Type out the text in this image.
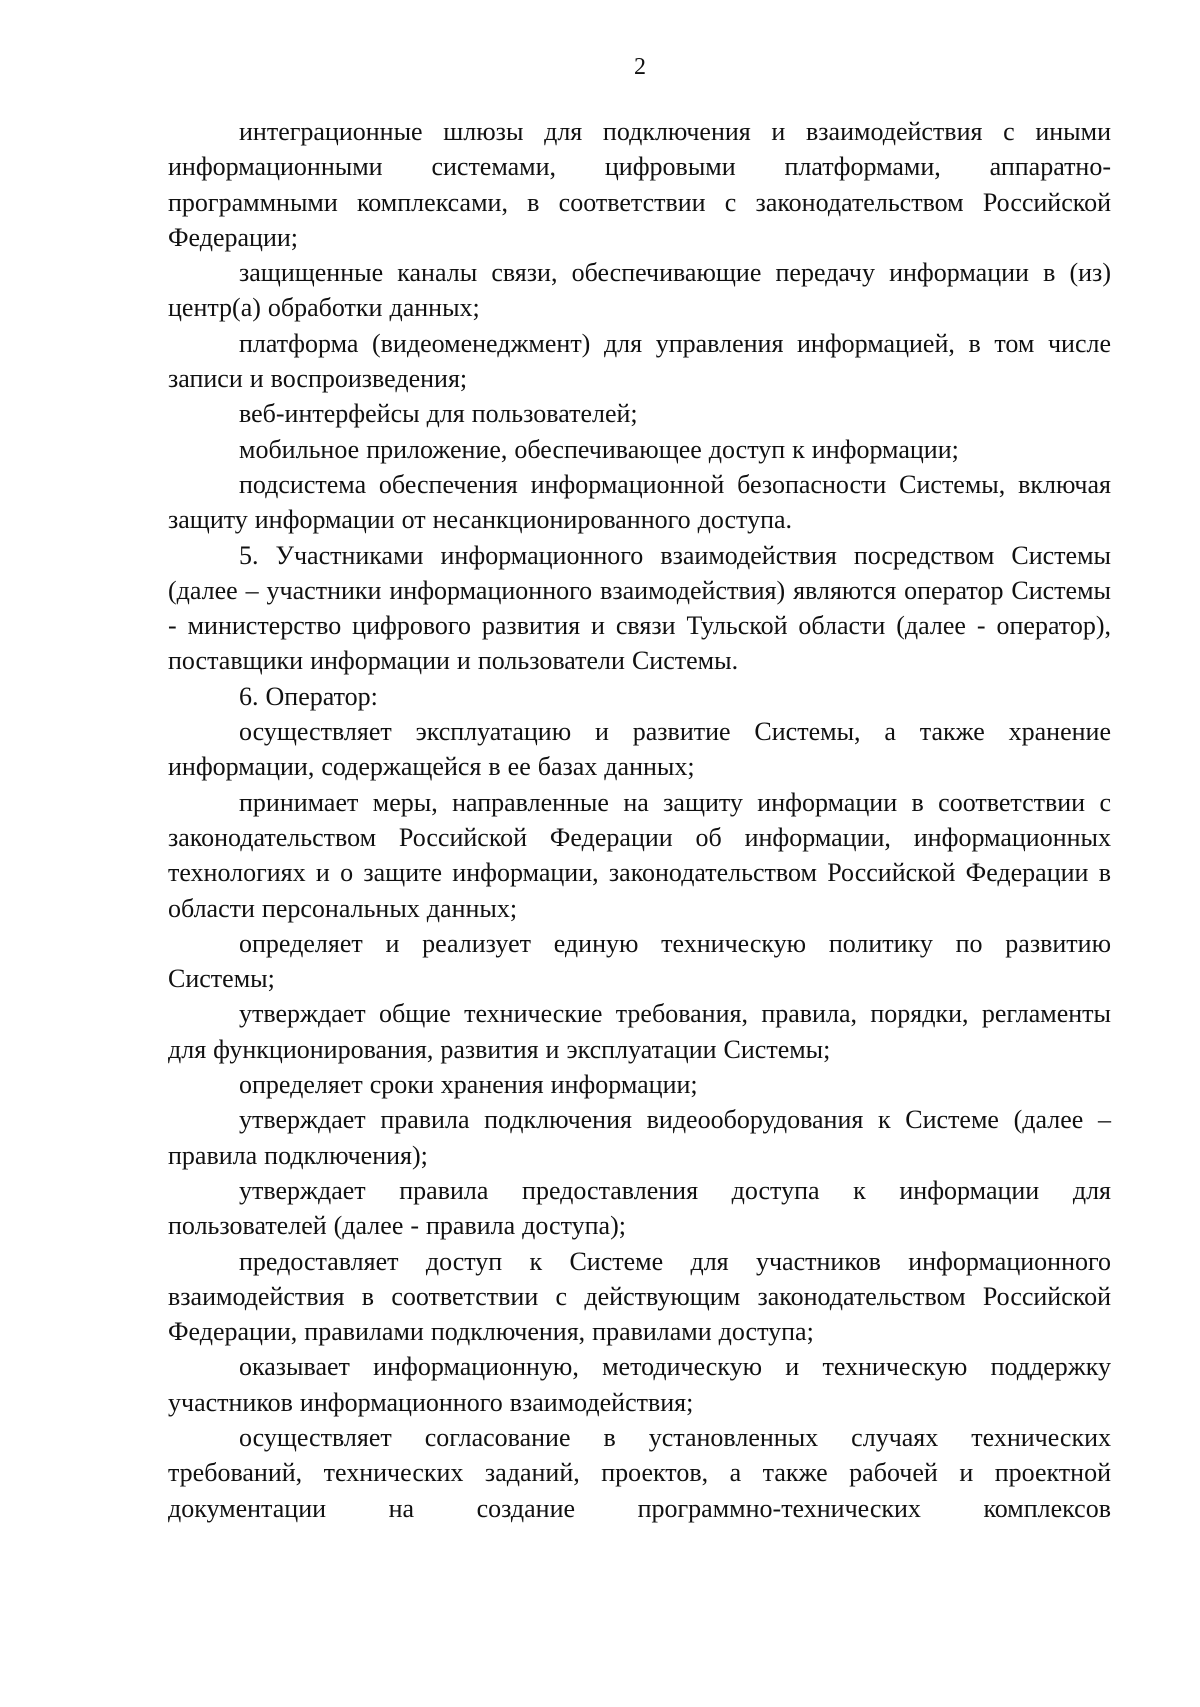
2

интеграционные шлюзы для подключения и взаимодействия с иными информационными системами, цифровыми платформами, аппаратно-программными комплексами, в соответствии с законодательством Российской Федерации;

защищенные каналы связи, обеспечивающие передачу информации в (из) центр(а) обработки данных;

платформа (видеоменеджмент) для управления информацией, в том числе записи и воспроизведения;

веб-интерфейсы для пользователей;

мобильное приложение, обеспечивающее доступ к информации;

подсистема обеспечения информационной безопасности Системы, включая защиту информации от несанкционированного доступа.

5. Участниками информационного взаимодействия посредством Системы (далее – участники информационного взаимодействия) являются оператор Системы - министерство цифрового развития и связи Тульской области (далее - оператор), поставщики информации и пользователи Системы.

6. Оператор:

осуществляет эксплуатацию и развитие Системы, а также хранение информации, содержащейся в ее базах данных;

принимает меры, направленные на защиту информации в соответствии с законодательством Российской Федерации об информации, информационных технологиях и о защите информации, законодательством Российской Федерации в области персональных данных;

определяет и реализует единую техническую политику по развитию Системы;

утверждает общие технические требования, правила, порядки, регламенты для функционирования, развития и эксплуатации Системы;

определяет сроки хранения информации;

утверждает правила подключения видеооборудования к Системе (далее – правила подключения);

утверждает правила предоставления доступа к информации для пользователей (далее - правила доступа);

предоставляет доступ к Системе для участников информационного взаимодействия в соответствии с действующим законодательством Российской Федерации, правилами подключения, правилами доступа;

оказывает информационную, методическую и техническую поддержку участников информационного взаимодействия;

осуществляет согласование в установленных случаях технических требований, технических заданий, проектов, а также рабочей и проектной документации на создание программно-технических комплексов
